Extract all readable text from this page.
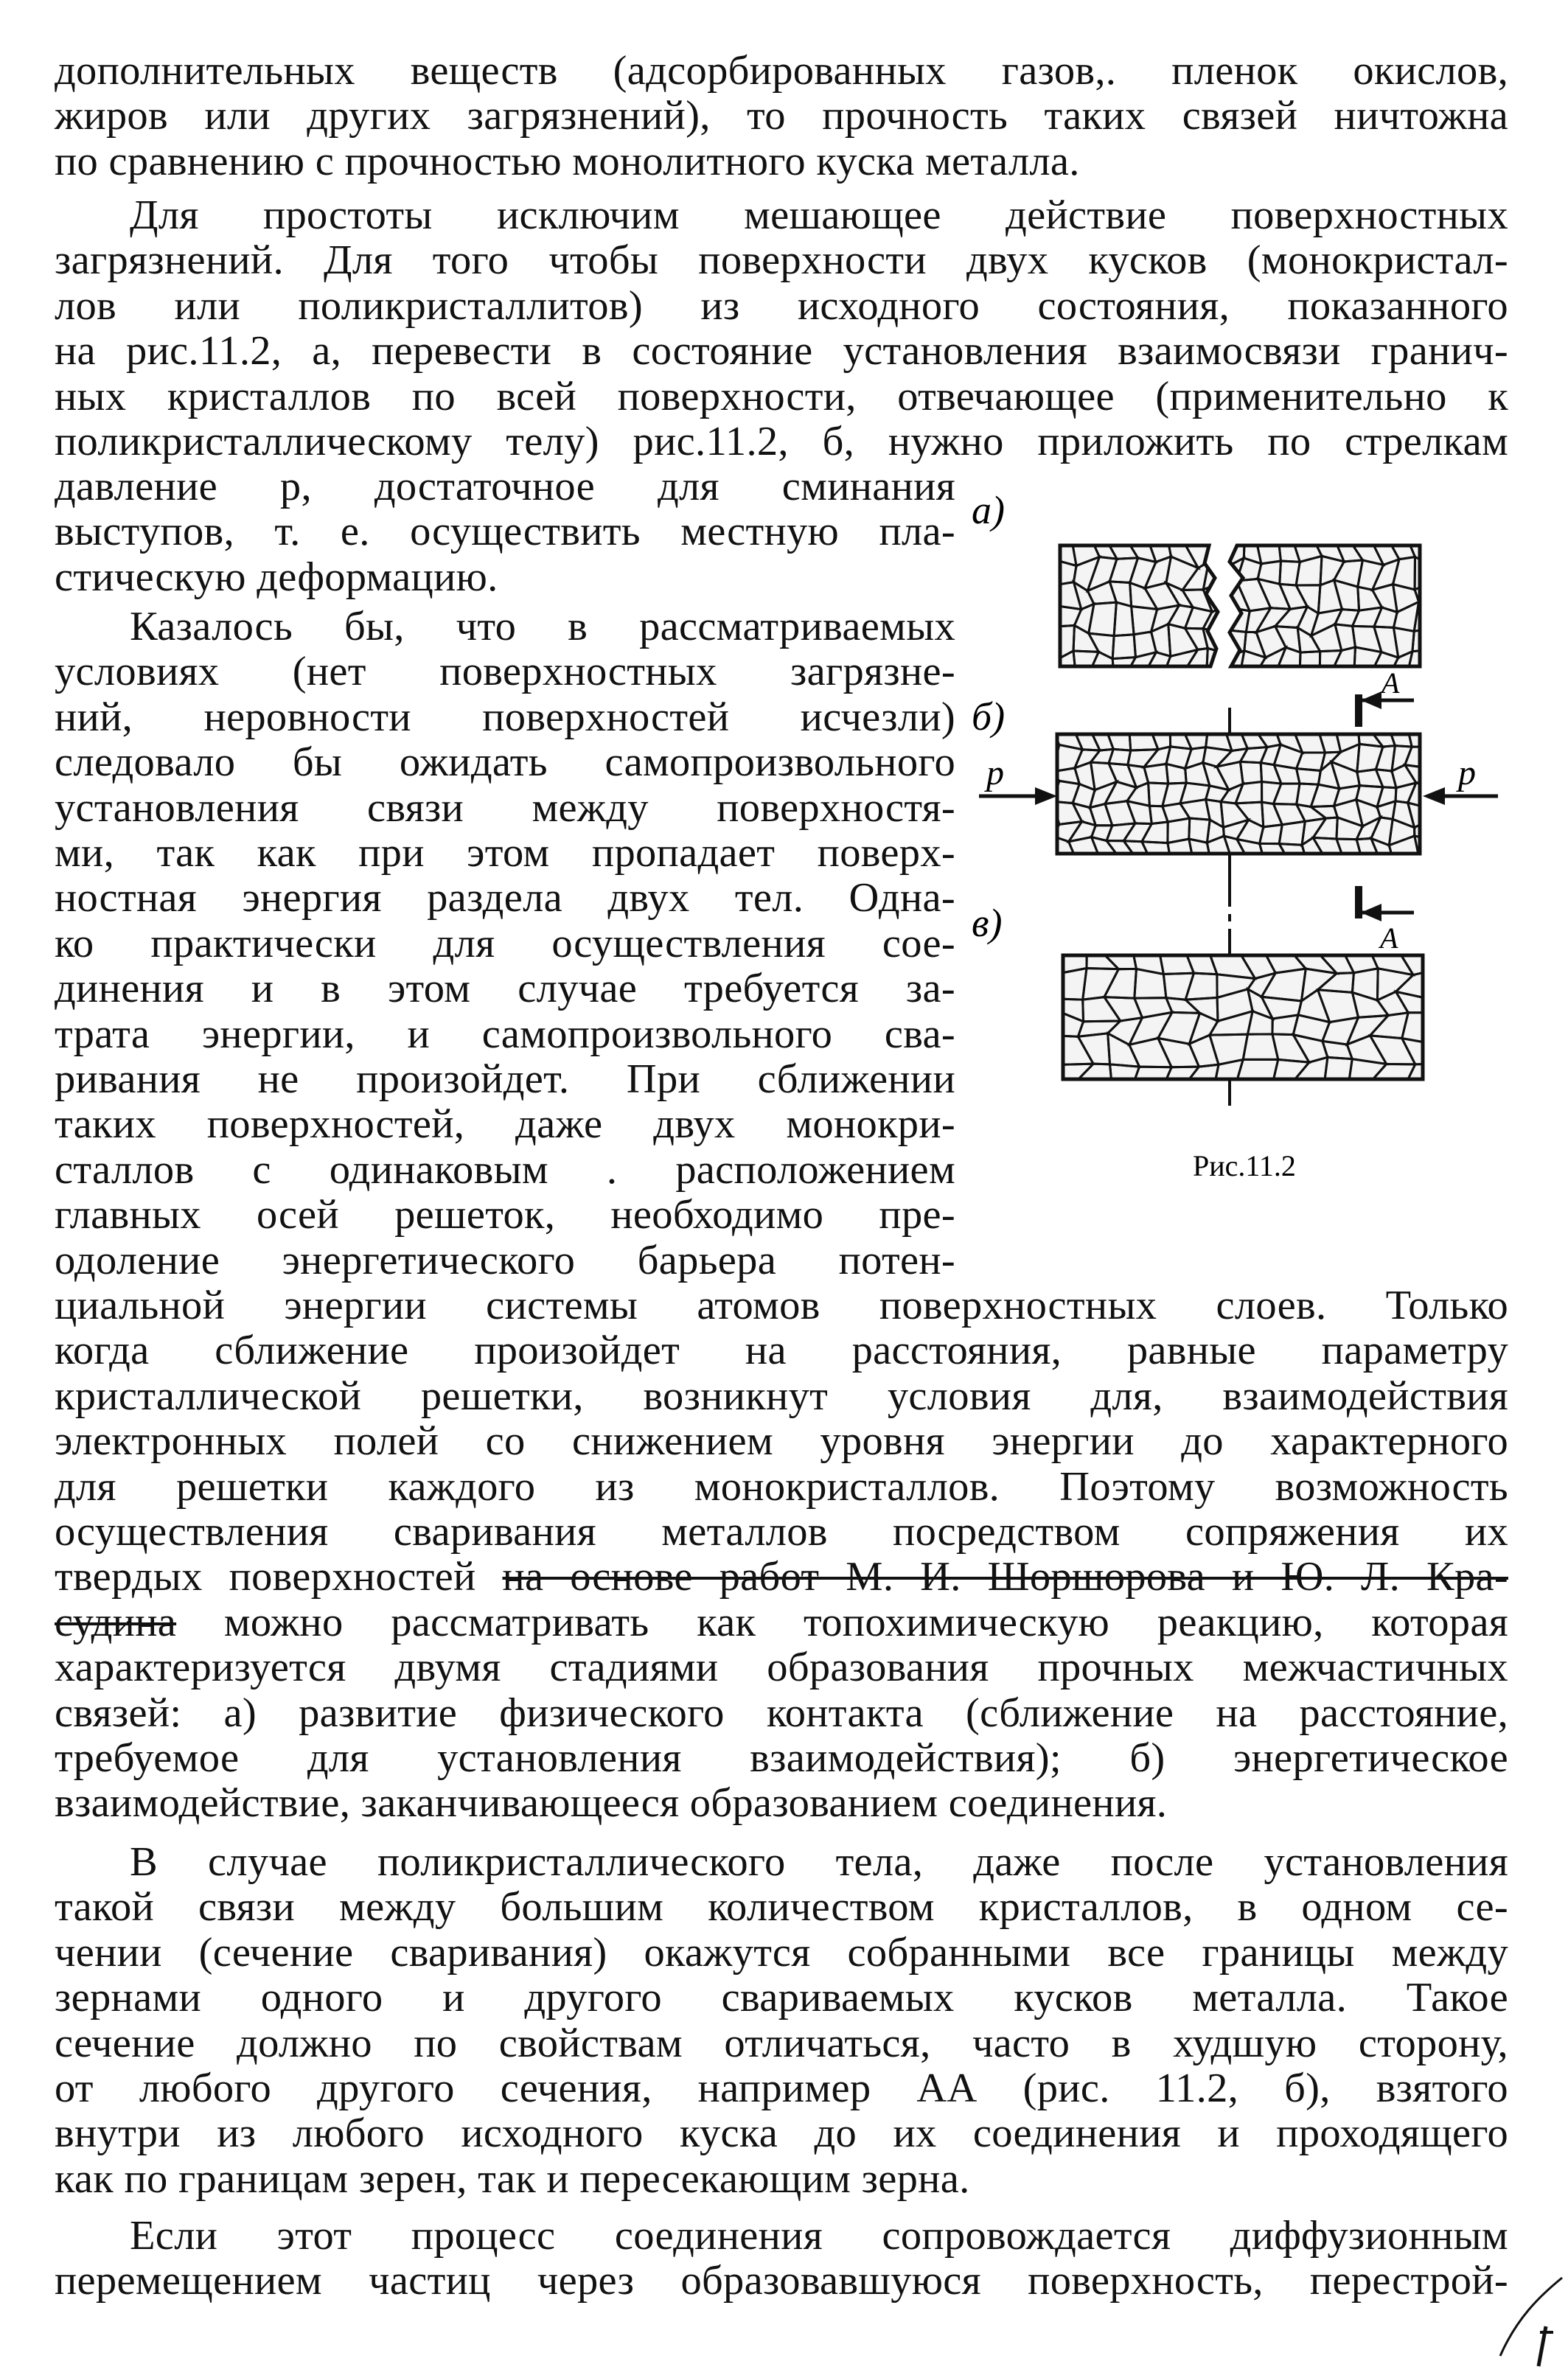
дополнительных веществ (адсорбированных газов,. пленок окислов,
жиров или других загрязнений), то прочность таких связей ничтожна
по сравнению с прочностью монолитного куска металла.

Для простоты исключим мешающее действие поверхностных
загрязнений. Для того чтобы поверхности двух кусков (монокристал-
лов или поликристаллитов) из исходного состояния, показанного
на рис.11.2, а, перевести в состояние установления взаимосвязи гранич-
ных кристаллов по всей поверхности, отвечающее (применительно к
поликристаллическому телу) рис.11.2, б, нужно приложить по стрелкам

давление p, достаточное для сминания
выступов, т. е. осуществить местную пла-
стическую деформацию.

Казалось бы, что в рассматриваемых
условиях (нет поверхностных загрязне-
ний, неровности поверхностей исчезли)
следовало бы ожидать самопроизвольного
установления связи между поверхностя-
ми, так как при этом пропадает поверх-
ностная энергия раздела двух тел. Одна-
ко практически для осуществления сое-
динения и в этом случае требуется за-
трата энергии, и самопроизвольного сва-
ривания не произойдет. При сближении
таких поверхностей, даже двух монокри-
сталлов с одинаковым . расположением
главных осей решеток, необходимо пре-
одоление энергетического барьера потен-

циальной энергии системы атомов поверхностных слоев. Только
когда сближение произойдет на расстояния, равные параметру
кристаллической решетки, возникнут условия для, взаимодействия
электронных полей со снижением уровня энергии до характерного
для решетки каждого из монокристаллов. Поэтому возможность
осуществления сваривания металлов посредством сопряжения их
твердых поверхностей на основе работ М. И. Шоршорова и Ю. Л. Кра-
судина можно рассматривать как топохимическую реакцию, которая
характеризуется двумя стадиями образования прочных межчастичных
связей: а) развитие физического контакта (сближение на расстояние,
требуемое для установления взаимодействия); б) энергетическое
взаимодействие, заканчивающееся образованием соединения.

В случае поликристаллического тела, даже после установления
такой связи между большим количеством кристаллов, в одном се-
чении (сечение сваривания) окажутся собранными все границы между
зернами одного и другого свариваемых кусков металла. Такое
сечение должно по свойствам отличаться, часто в худшую сторону,
от любого другого сечения, например АА (рис. 11.2, б), взятого
внутри из любого исходного куска до их соединения и проходящего
как по границам зерен, так и пересекающим зерна.

Если этот процесс соединения сопровождается диффузионным
перемещением частиц через образовавшуюся поверхность, перестрой-

а)
б)
в)
p	p
A
A
Рис.11.2
